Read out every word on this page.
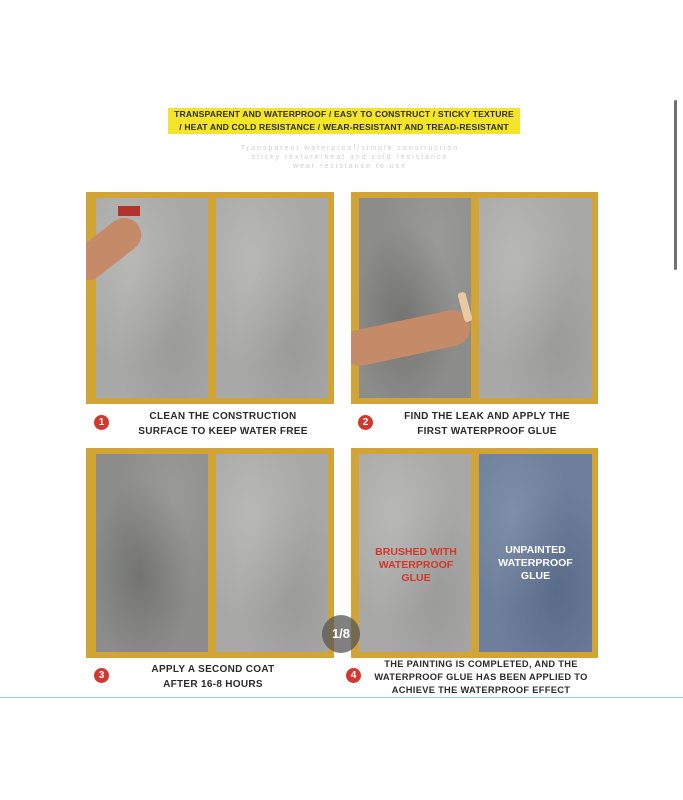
TRANSPARENT AND WATERPROOF / EASY TO CONSTRUCT / STICKY TEXTURE
/ HEAT AND COLD RESISTANCE / WEAR-RESISTANT AND TREAD-RESISTANT
Transparent waterproof/simple construction
sticky texture/heat and cold resistance
wear resistance to use
1
CLEAN THE CONSTRUCTION
SURFACE TO KEEP WATER FREE
2
FIND THE LEAK AND APPLY THE
FIRST WATERPROOF GLUE
3
APPLY A SECOND COAT
AFTER 16-8 HOURS
BRUSHED WITH
WATERPROOF
GLUE
UNPAINTED
WATERPROOF
GLUE
4
THE PAINTING IS COMPLETED, AND THE
WATERPROOF GLUE HAS BEEN APPLIED TO
ACHIEVE THE WATERPROOF EFFECT
1/8
